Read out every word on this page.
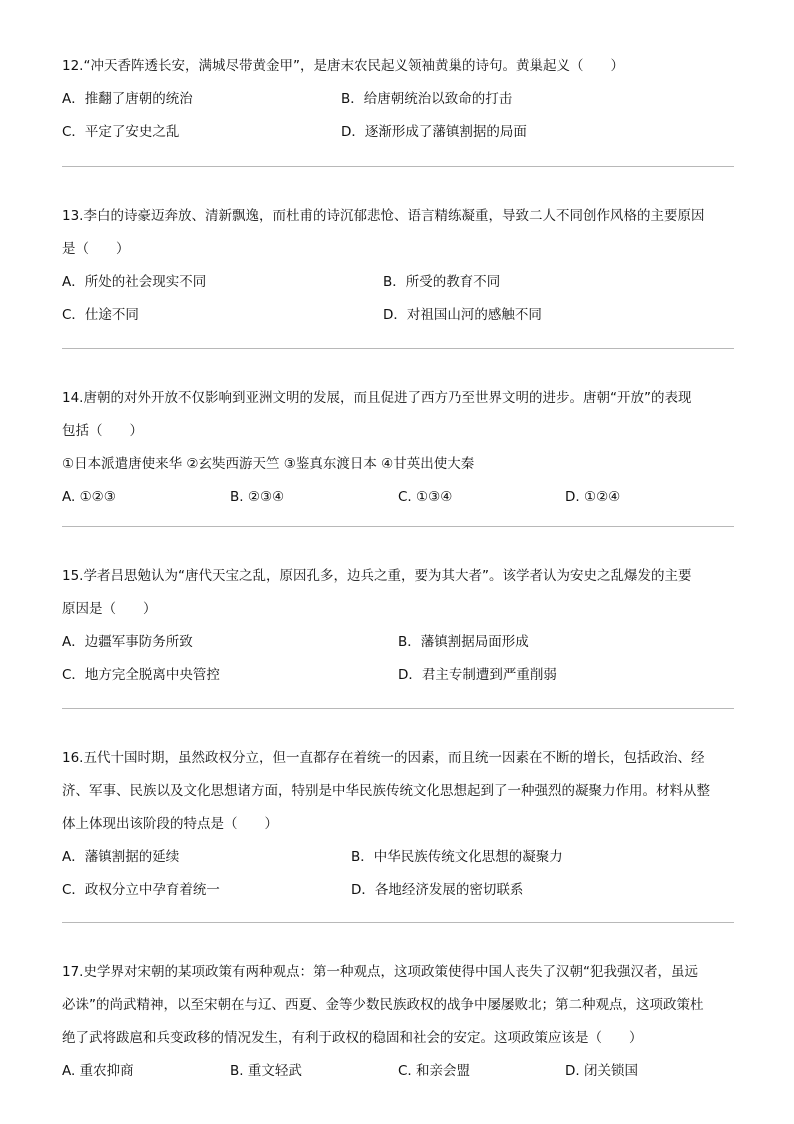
12.“冲天香阵透长安，满城尽带黄金甲”，是唐末农民起义领袖黄巢的诗句。黄巢起义（　　）
A．推翻了唐朝的统治	B．给唐朝统治以致命的打击
C．平定了安史之乱	D．逐渐形成了藩镇割据的局面
13.李白的诗豪迈奔放、清新飘逸，而杜甫的诗沉郁悲怆、语言精练凝重，导致二人不同创作风格的主要原因
是（　　）
A．所处的社会现实不同	B．所受的教育不同
C．仕途不同	D．对祖国山河的感触不同
14.唐朝的对外开放不仅影响到亚洲文明的发展，而且促进了西方乃至世界文明的进步。唐朝“开放”的表现
包括（　　）
①日本派遣唐使来华 ②玄奘西游天竺 ③鉴真东渡日本 ④甘英出使大秦
A. ①②③	B. ②③④	C. ①③④	D. ①②④
15.学者吕思勉认为“唐代天宝之乱，原因孔多，边兵之重，要为其大者”。该学者认为安史之乱爆发的主要
原因是（　　）
A．边疆军事防务所致	B．藩镇割据局面形成
C．地方完全脱离中央管控	D．君主专制遭到严重削弱
16.五代十国时期，虽然政权分立，但一直都存在着统一的因素，而且统一因素在不断的增长，包括政治、经
济、军事、民族以及文化思想诸方面，特别是中华民族传统文化思想起到了一种强烈的凝聚力作用。材料从整
体上体现出该阶段的特点是（　　）
A．藩镇割据的延续	B．中华民族传统文化思想的凝聚力
C．政权分立中孕育着统一	D．各地经济发展的密切联系
17.史学界对宋朝的某项政策有两种观点：第一种观点，这项政策使得中国人丧失了汉朝“犯我强汉者，虽远
必诛”的尚武精神，以至宋朝在与辽、西夏、金等少数民族政权的战争中屡屡败北；第二种观点，这项政策杜
绝了武将跋扈和兵变政移的情况发生，有利于政权的稳固和社会的安定。这项政策应该是（　　）
A. 重农抑商	B. 重文轻武	C. 和亲会盟	D. 闭关锁国
